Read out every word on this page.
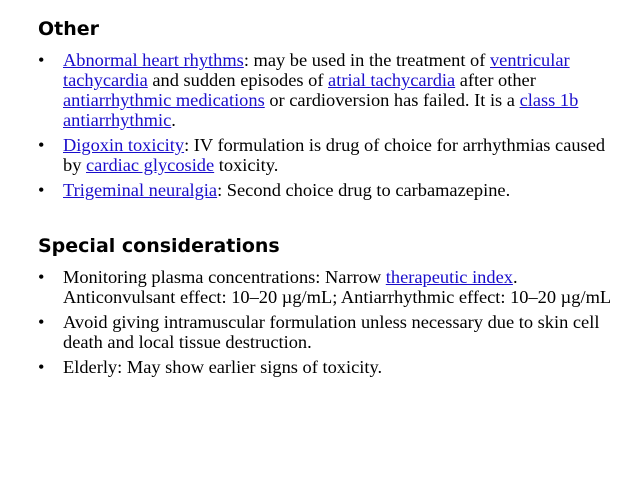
Other
• Abnormal heart rhythms: may be used in the treatment of ventricular tachycardia and sudden episodes of atrial tachycardia after other antiarrhythmic medications or cardioversion has failed. It is a class 1b antiarrhythmic.
• Digoxin toxicity: IV formulation is drug of choice for arrhythmias caused by cardiac glycoside toxicity.
• Trigeminal neuralgia: Second choice drug to carbamazepine.
Special considerations
• Monitoring plasma concentrations: Narrow therapeutic index. Anticonvulsant effect: 10–20 µg/mL; Antiarrhythmic effect: 10–20 µg/mL
• Avoid giving intramuscular formulation unless necessary due to skin cell death and local tissue destruction.
• Elderly: May show earlier signs of toxicity.
